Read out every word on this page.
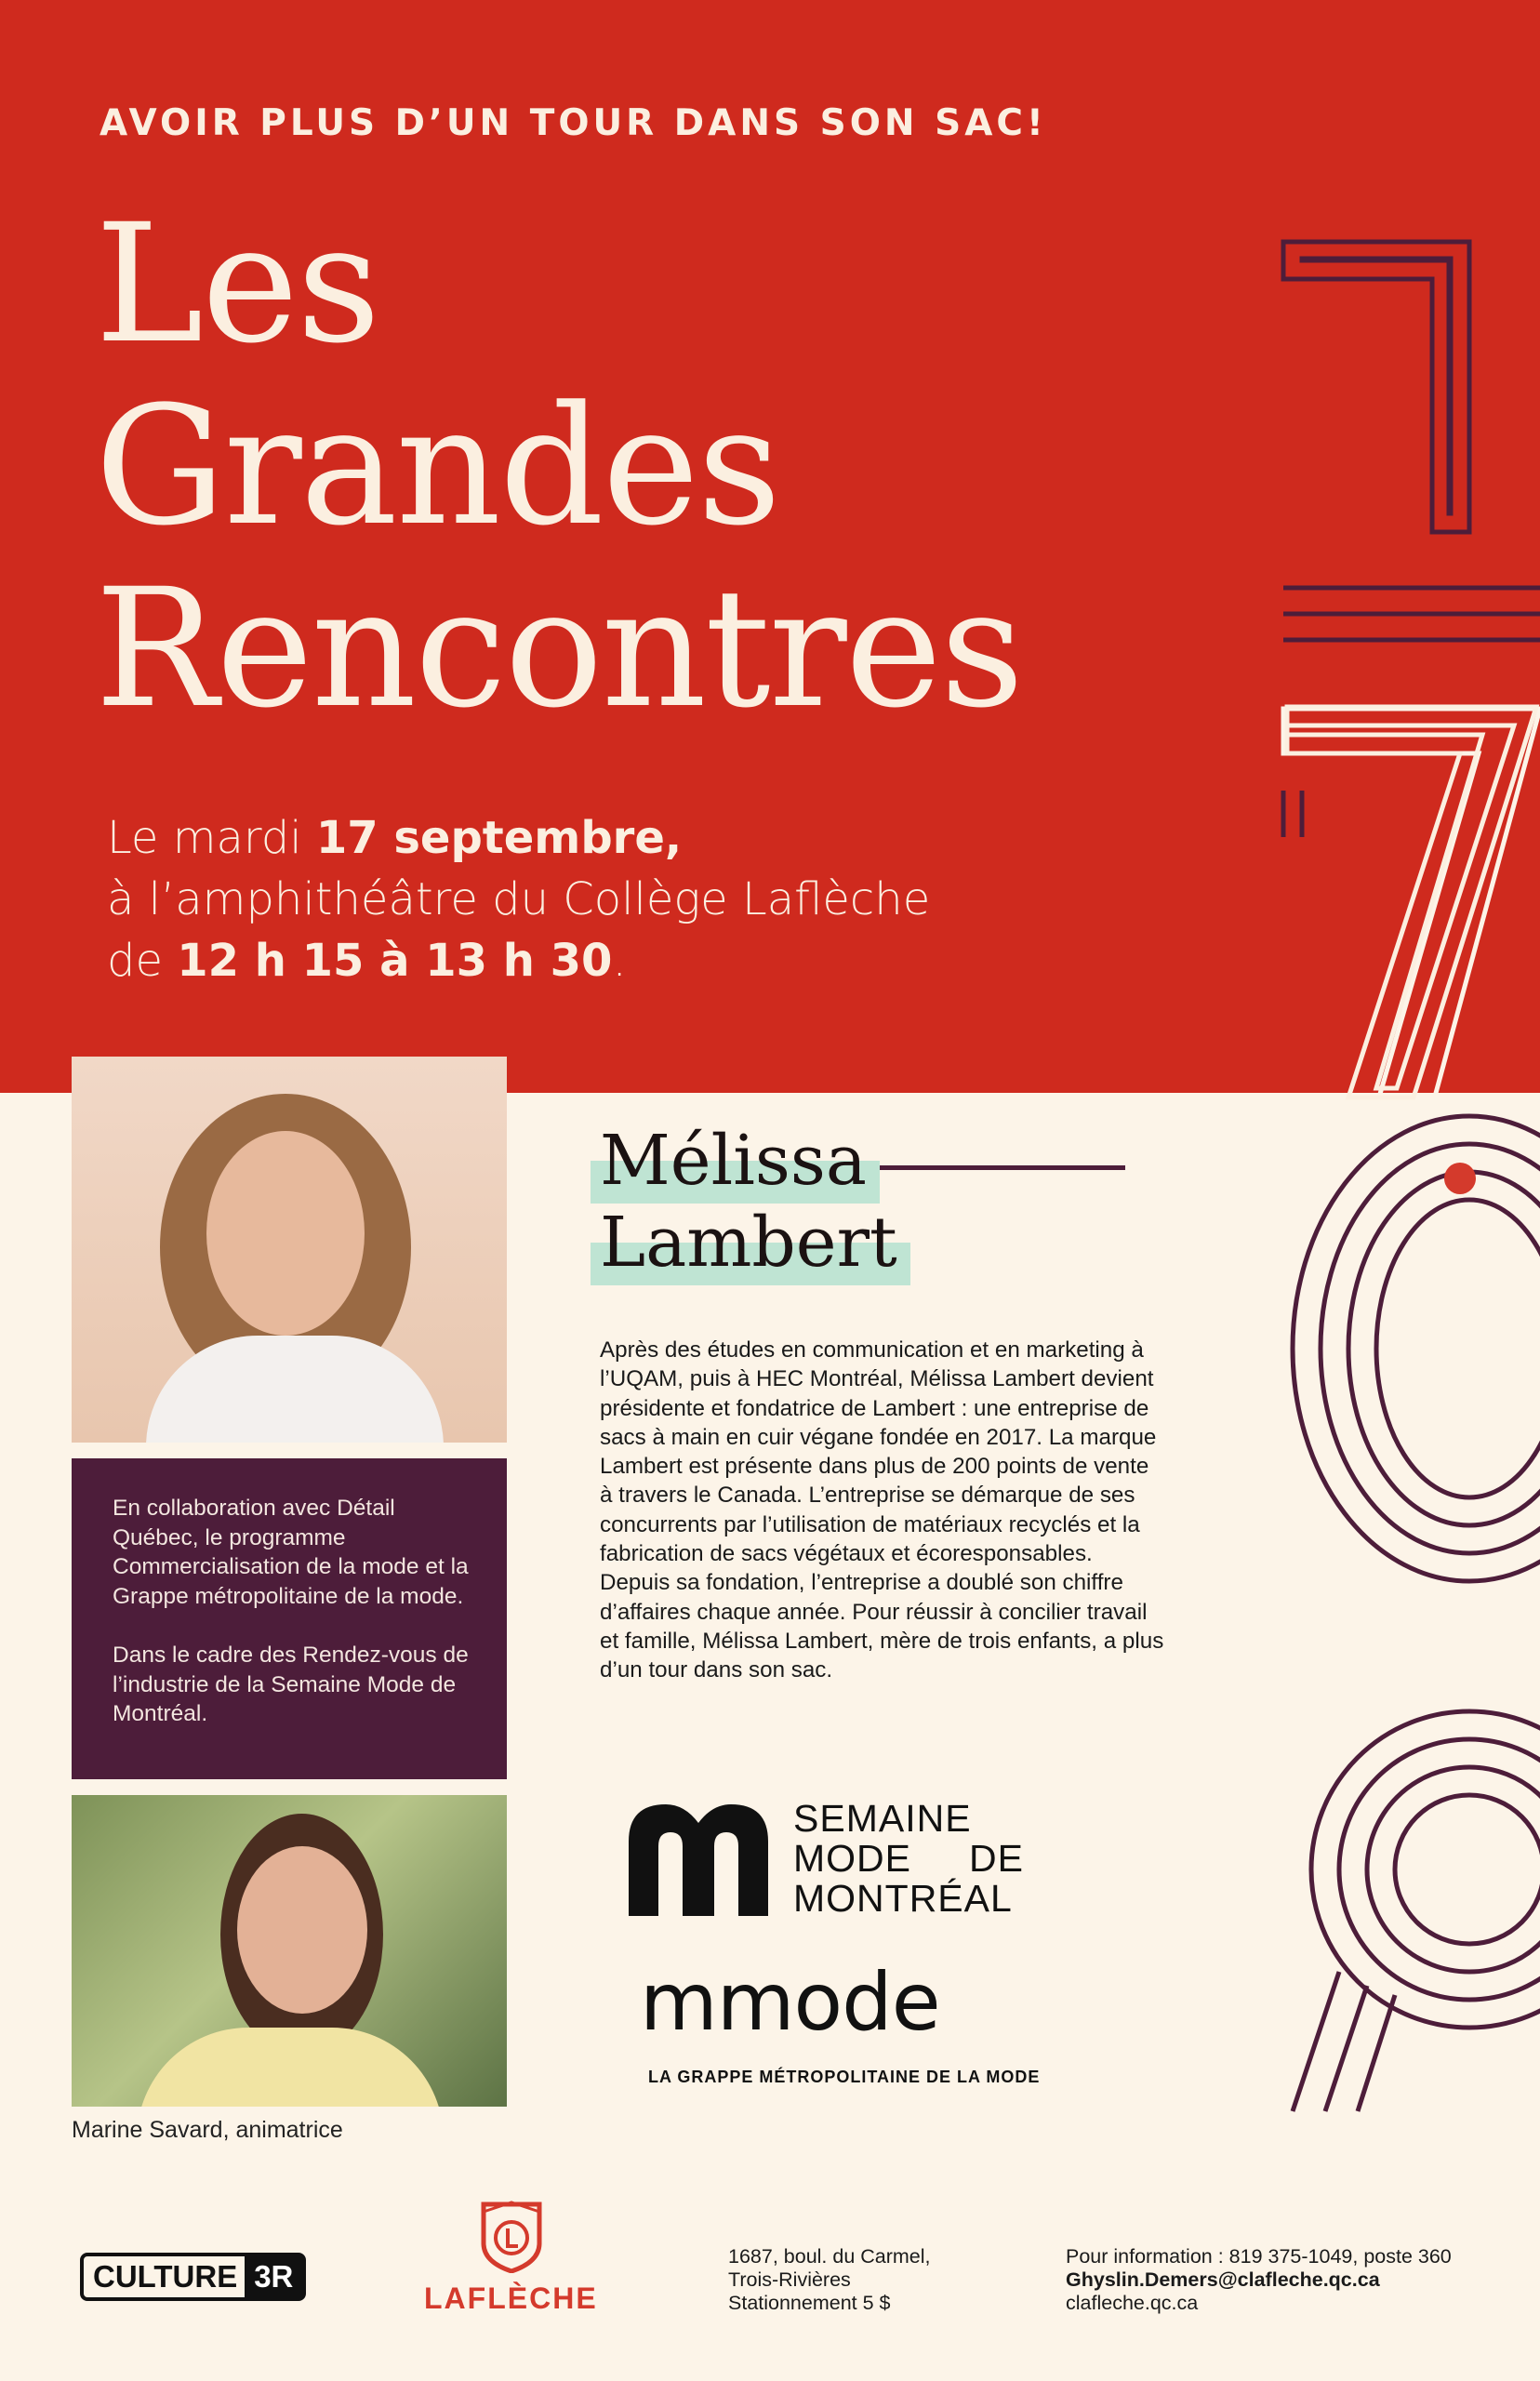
AVOIR PLUS D’UN TOUR DANS SON SAC!
Les
Grandes
Rencontres
Le mardi 17 septembre,
à l’amphithéâtre du Collège Laflèche
de 12 h 15 à 13 h 30.

En collaboration avec Détail Québec, le programme Commercialisation de la mode et la Grappe métropolitaine de la mode.

Dans le cadre des Rendez-vous de l’industrie de la Semaine Mode de Montréal.

Marine Savard, animatrice
Mélissa
Lambert
Après des études en communication et en marketing à l’UQAM, puis à HEC Montréal, Mélissa Lambert devient présidente et fondatrice de Lambert : une entreprise de sacs à main en cuir végane fondée en 2017. La marque Lambert est présente dans plus de 200 points de vente à travers le Canada. L’entreprise se démarque de ses concurrents par l’utilisation de matériaux recyclés et la fabrication de sacs végétaux et écoresponsables. Depuis sa fondation, l’entreprise a doublé son chiffre d’affaires chaque année. Pour réussir à concilier travail et famille, Mélissa Lambert, mère de trois enfants, a plus d’un tour dans son sac.
SEMAINE
MODE     DE
MONTRÉAL
mmode
LA GRAPPE MÉTROPOLITAINE DE LA MODE
CULTURE 3R
LAFLÈCHE
1687, boul. du Carmel,
Trois-Rivières
Stationnement 5 $
Pour information : 819 375-1049, poste 360
Ghyslin.Demers@clafleche.qc.ca
clafleche.qc.ca
